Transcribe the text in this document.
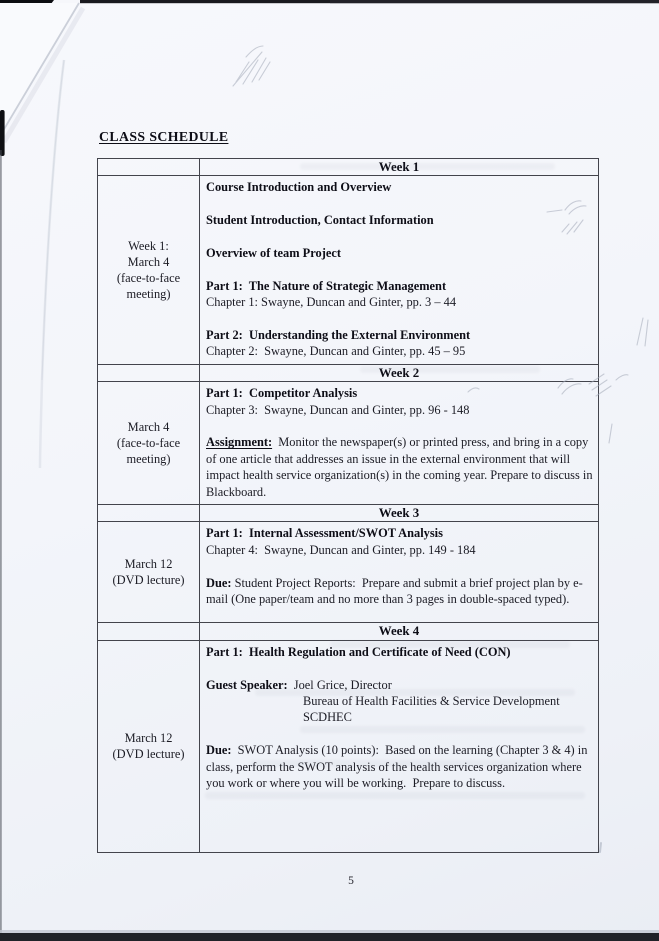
CLASS SCHEDULE
Week 1
Week 1:
March 4
(face-to-face
meeting)
Course Introduction and Overview
Student Introduction, Contact Information
Overview of team Project
Part 1:  The Nature of Strategic Management
Chapter 1: Swayne, Duncan and Ginter, pp. 3 – 44
Part 2:  Understanding the External Environment
Chapter 2:  Swayne, Duncan and Ginter, pp. 45 – 95
Week 2
March 4
(face-to-face
meeting)
Part 1:  Competitor Analysis
Chapter 3:  Swayne, Duncan and Ginter, pp. 96 - 148
Assignment:  Monitor the newspaper(s) or printed press, and bring in a copy of one article that addresses an issue in the external environment that will impact health service organization(s) in the coming year. Prepare to discuss in Blackboard.
Week 3
March 12
(DVD lecture)
Part 1:  Internal Assessment/SWOT Analysis
Chapter 4:  Swayne, Duncan and Ginter, pp. 149 - 184
Due: Student Project Reports:  Prepare and submit a brief project plan by e-mail (One paper/team and no more than 3 pages in double-spaced typed).
Week 4
March 12
(DVD lecture)
Part 1:  Health Regulation and Certificate of Need (CON)
Guest Speaker:  Joel Grice, Director
Bureau of Health Facilities & Service Development
SCDHEC
Due:  SWOT Analysis (10 points):  Based on the learning (Chapter 3 & 4) in class, perform the SWOT analysis of the health services organization where you work or where you will be working.  Prepare to discuss.
5
